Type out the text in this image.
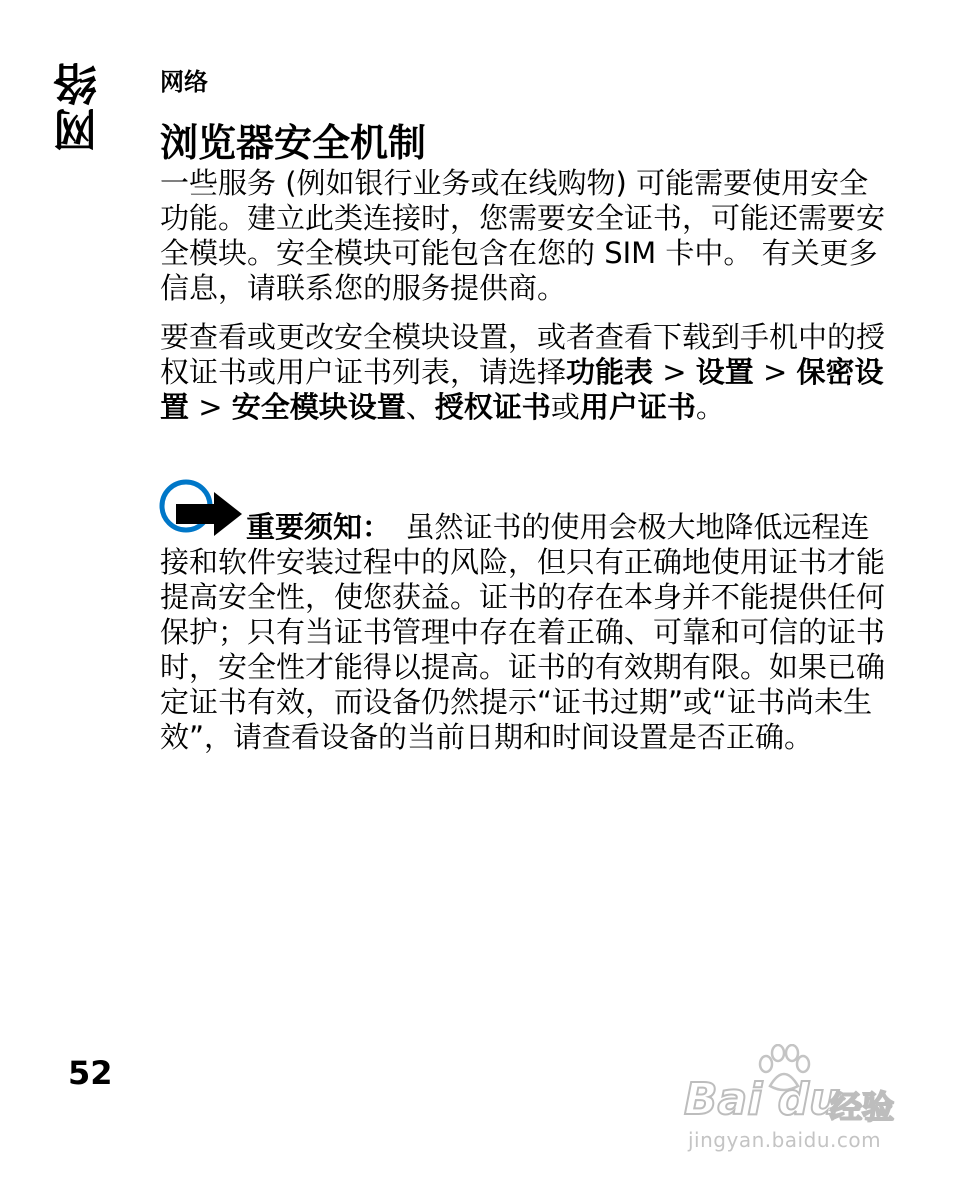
网络 网络
浏览器安全机制

一些服务 (例如银行业务或在线购物) 可能需要使用安全功能。建立此类连接时，您需要安全证书，可能还需要安全模块。安全模块可能包含在您的 SIM 卡中。 有关更多信息，请联系您的服务提供商。

要查看或更改安全模块设置，或者查看下载到手机中的授权证书或用户证书列表，请选择功能表 > 设置 > 保密设置 > 安全模块设置、授权证书或用户证书。

重要须知：　虽然证书的使用会极大地降低远程连接和软件安装过程中的风险，但只有正确地使用证书才能提高安全性，使您获益。证书的存在本身并不能提供任何保护；只有当证书管理中存在着正确、可靠和可信的证书时，安全性才能得以提高。证书的有效期有限。如果已确定证书有效，而设备仍然提示“证书过期”或“证书尚未生效”，请查看设备的当前日期和时间设置是否正确。

52
Bai du
经验
jingyan.baidu.com
